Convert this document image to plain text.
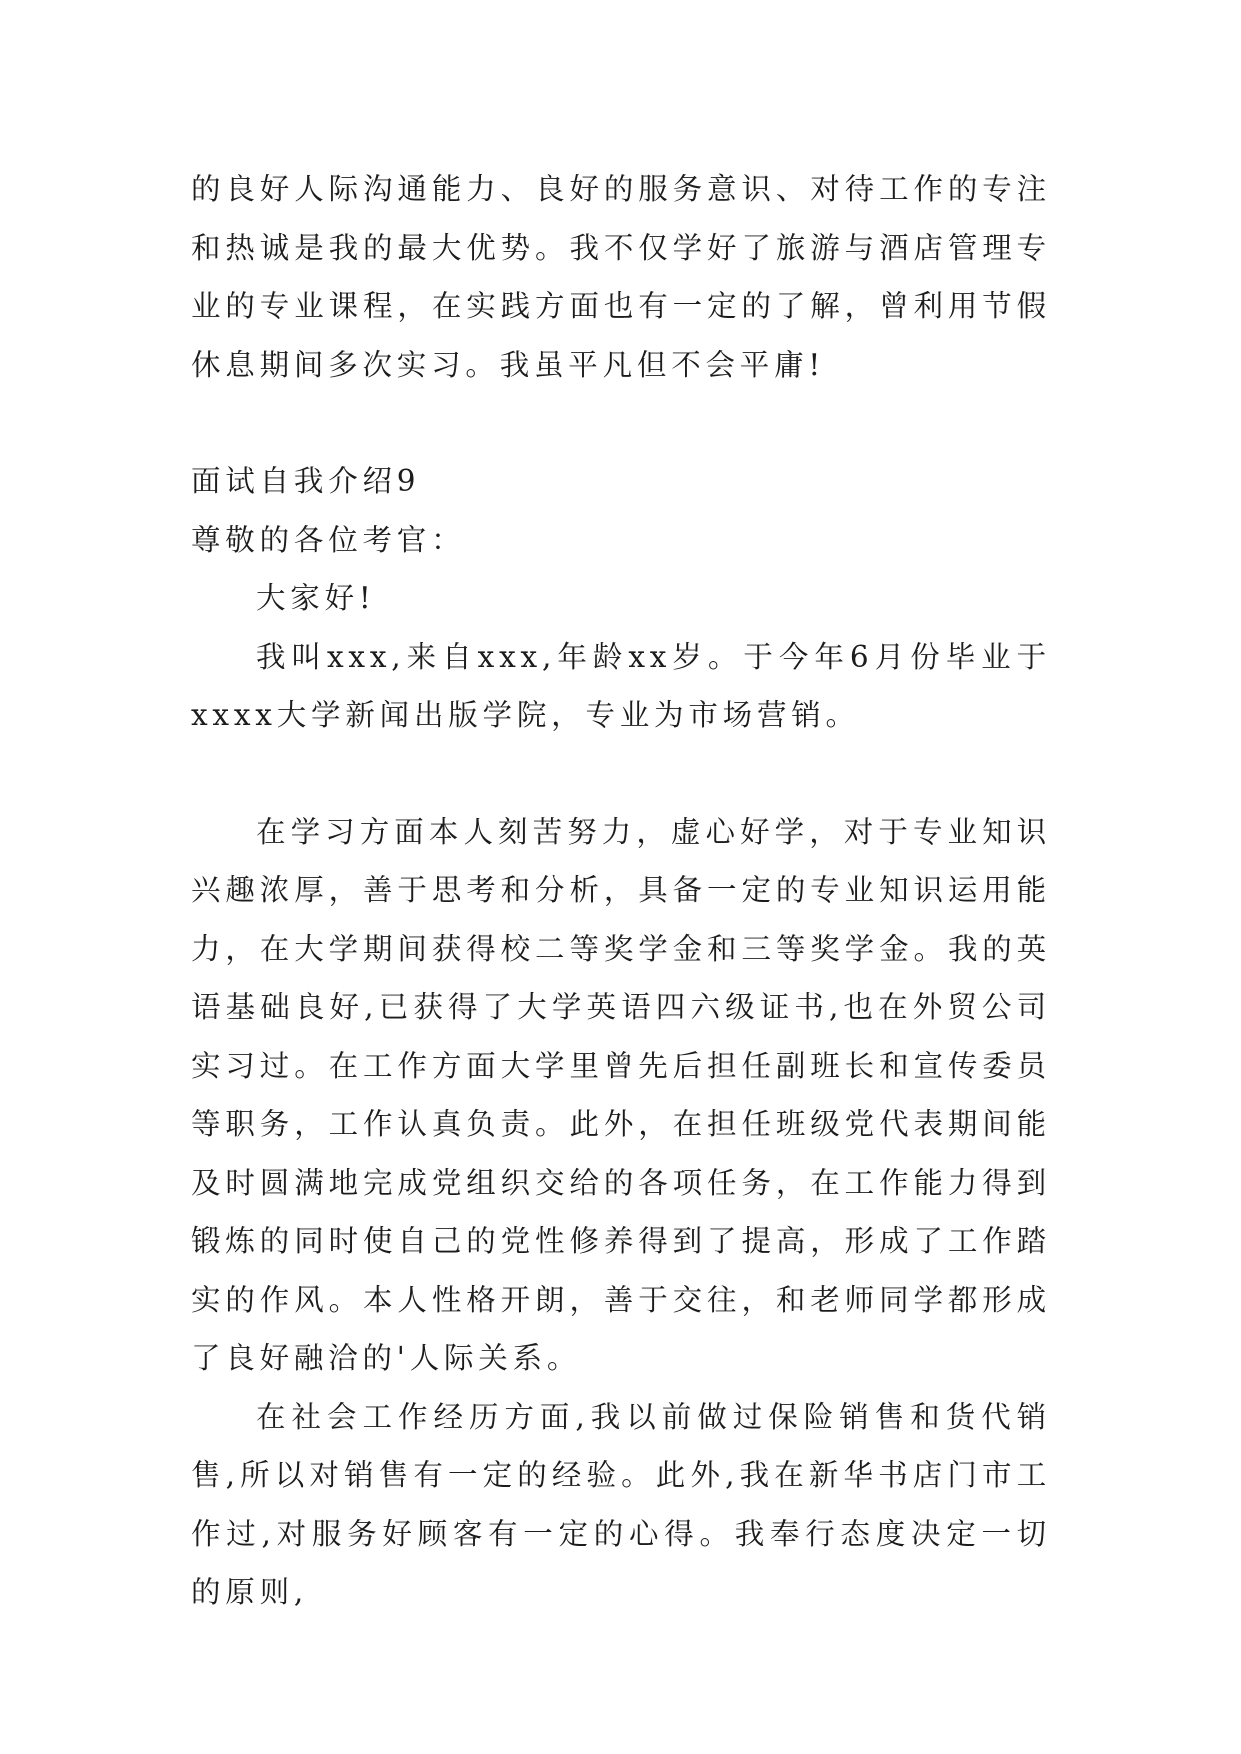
的良好人际沟通能力、良好的服务意识、对待工作的专注和热诚是我的最大优势。我不仅学好了旅游与酒店管理专业的专业课程，在实践方面也有一定的了解，曾利用节假休息期间多次实习。我虽平凡但不会平庸!

面试自我介绍9

尊敬的各位考官：

大家好!

我叫xxx,来自xxx,年龄xx岁。于今年6月份毕业于xxxx大学新闻出版学院，专业为市场营销。

在学习方面本人刻苦努力，虚心好学，对于专业知识兴趣浓厚，善于思考和分析，具备一定的专业知识运用能力，在大学期间获得校二等奖学金和三等奖学金。我的英语基础良好,已获得了大学英语四六级证书,也在外贸公司实习过。在工作方面大学里曾先后担任副班长和宣传委员等职务，工作认真负责。此外，在担任班级党代表期间能及时圆满地完成党组织交给的各项任务，在工作能力得到锻炼的同时使自己的党性修养得到了提高，形成了工作踏实的作风。本人性格开朗，善于交往，和老师同学都形成了良好融洽的'人际关系。

在社会工作经历方面,我以前做过保险销售和货代销售,所以对销售有一定的经验。此外,我在新华书店门市工作过,对服务好顾客有一定的心得。我奉行态度决定一切的原则,
